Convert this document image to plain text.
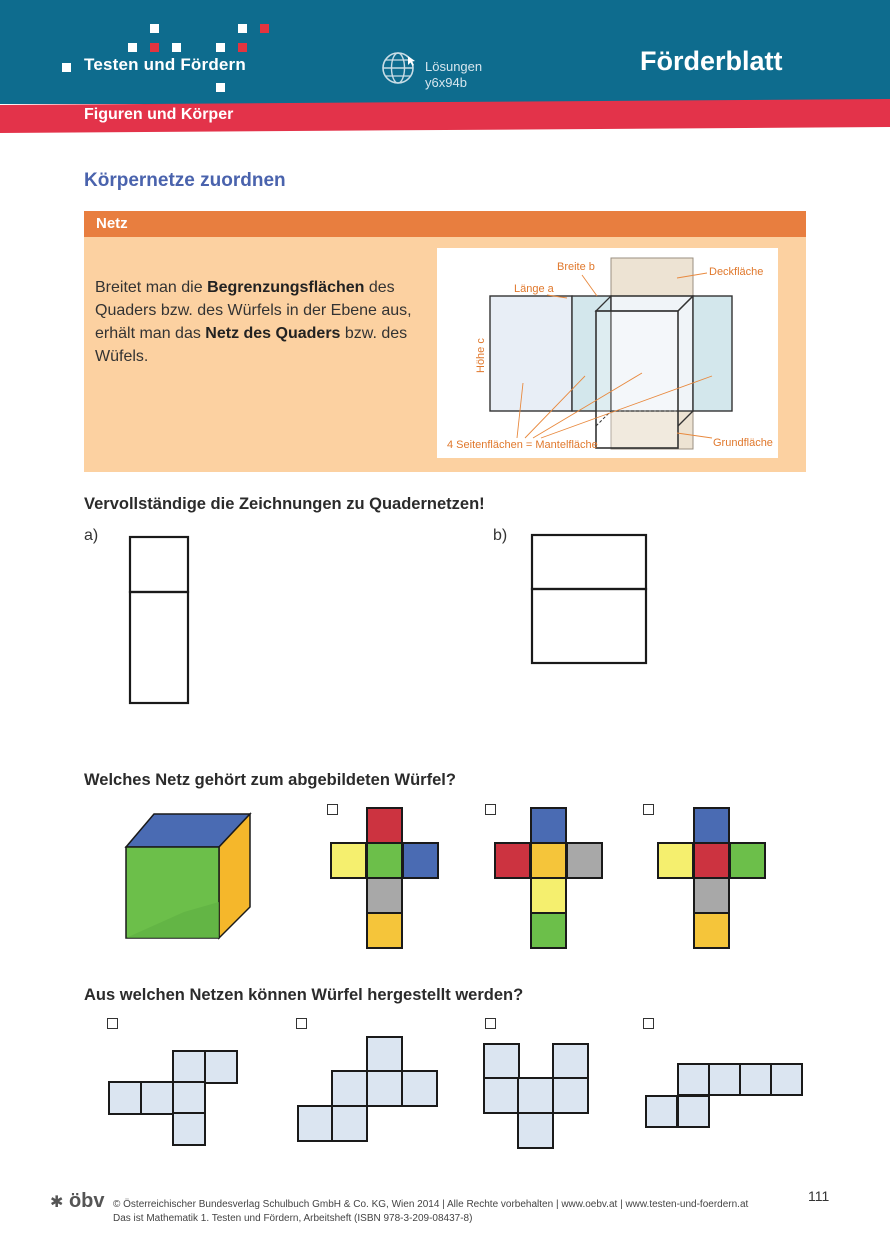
Testen und Fördern	Lösungen
y6x94b
Förderblatt
Figuren und Körper
Körpernetze zuordnen
Netz
Breitet man die Begrenzungsflächen des Quaders bzw. des Würfels in der Ebene aus, erhält man das Netz des Quaders bzw. des Wüfels.
Breite b
Länge a
Deckfläche
Grundfläche
4 Seitenflächen = Mantelfläche
Höhe c
Vervollständige die Zeichnungen zu Quadernetzen!
a)	b)
Welches Netz gehört zum abgebildeten Würfel?
Aus welchen Netzen können Würfel hergestellt werden?
✱ öbv © Österreichischer Bundesverlag Schulbuch GmbH & Co. KG, Wien 2014 | Alle Rechte vorbehalten | www.oebv.at | www.testen-und-foerdern.at
Das ist Mathematik 1. Testen und Fördern, Arbeitsheft (ISBN 978-3-209-08437-8)
111
